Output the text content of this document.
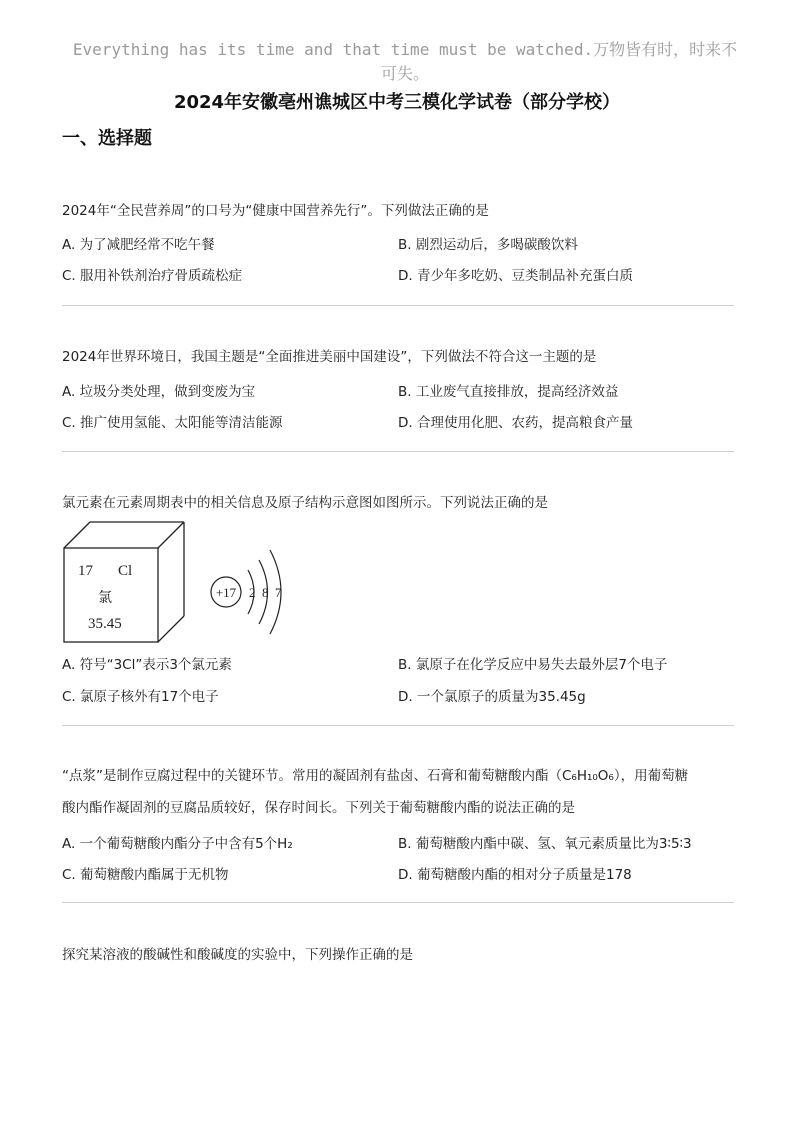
Everything has its time and that time must be watched.万物皆有时，时来不
可失。
2024年安徽亳州谯城区中考三模化学试卷（部分学校）
一、选择题
2024年“全民营养周”的口号为“健康中国营养先行”。下列做法正确的是
A. 为了减肥经常不吃午餐	B. 剧烈运动后，多喝碳酸饮料
C. 服用补铁剂治疗骨质疏松症	D. 青少年多吃奶、豆类制品补充蛋白质
2024年世界环境日，我国主题是“全面推进美丽中国建设”，下列做法不符合这一主题的是
A. 垃圾分类处理，做到变废为宝	B. 工业废气直接排放，提高经济效益
C. 推广使用氢能、太阳能等清洁能源	D. 合理使用化肥、农药，提高粮食产量
氯元素在元素周期表中的相关信息及原子结构示意图如图所示。下列说法正确的是
17 Cl
氯
35.45
+17 2 8 7
A. 符号“3Cl”表示3个氯元素	B. 氯原子在化学反应中易失去最外层7个电子
C. 氯原子核外有17个电子	D. 一个氯原子的质量为35.45g
“点浆”是制作豆腐过程中的关键环节。常用的凝固剂有盐卤、石膏和葡萄糖酸内酯（C₆H₁₀O₆），用葡萄糖
酸内酯作凝固剂的豆腐品质较好，保存时间长。下列关于葡萄糖酸内酯的说法正确的是
A. 一个葡萄糖酸内酯分子中含有5个H₂	B. 葡萄糖酸内酯中碳、氢、氧元素质量比为3∶5∶3
C. 葡萄糖酸内酯属于无机物	D. 葡萄糖酸内酯的相对分子质量是178
探究某溶液的酸碱性和酸碱度的实验中，下列操作正确的是
